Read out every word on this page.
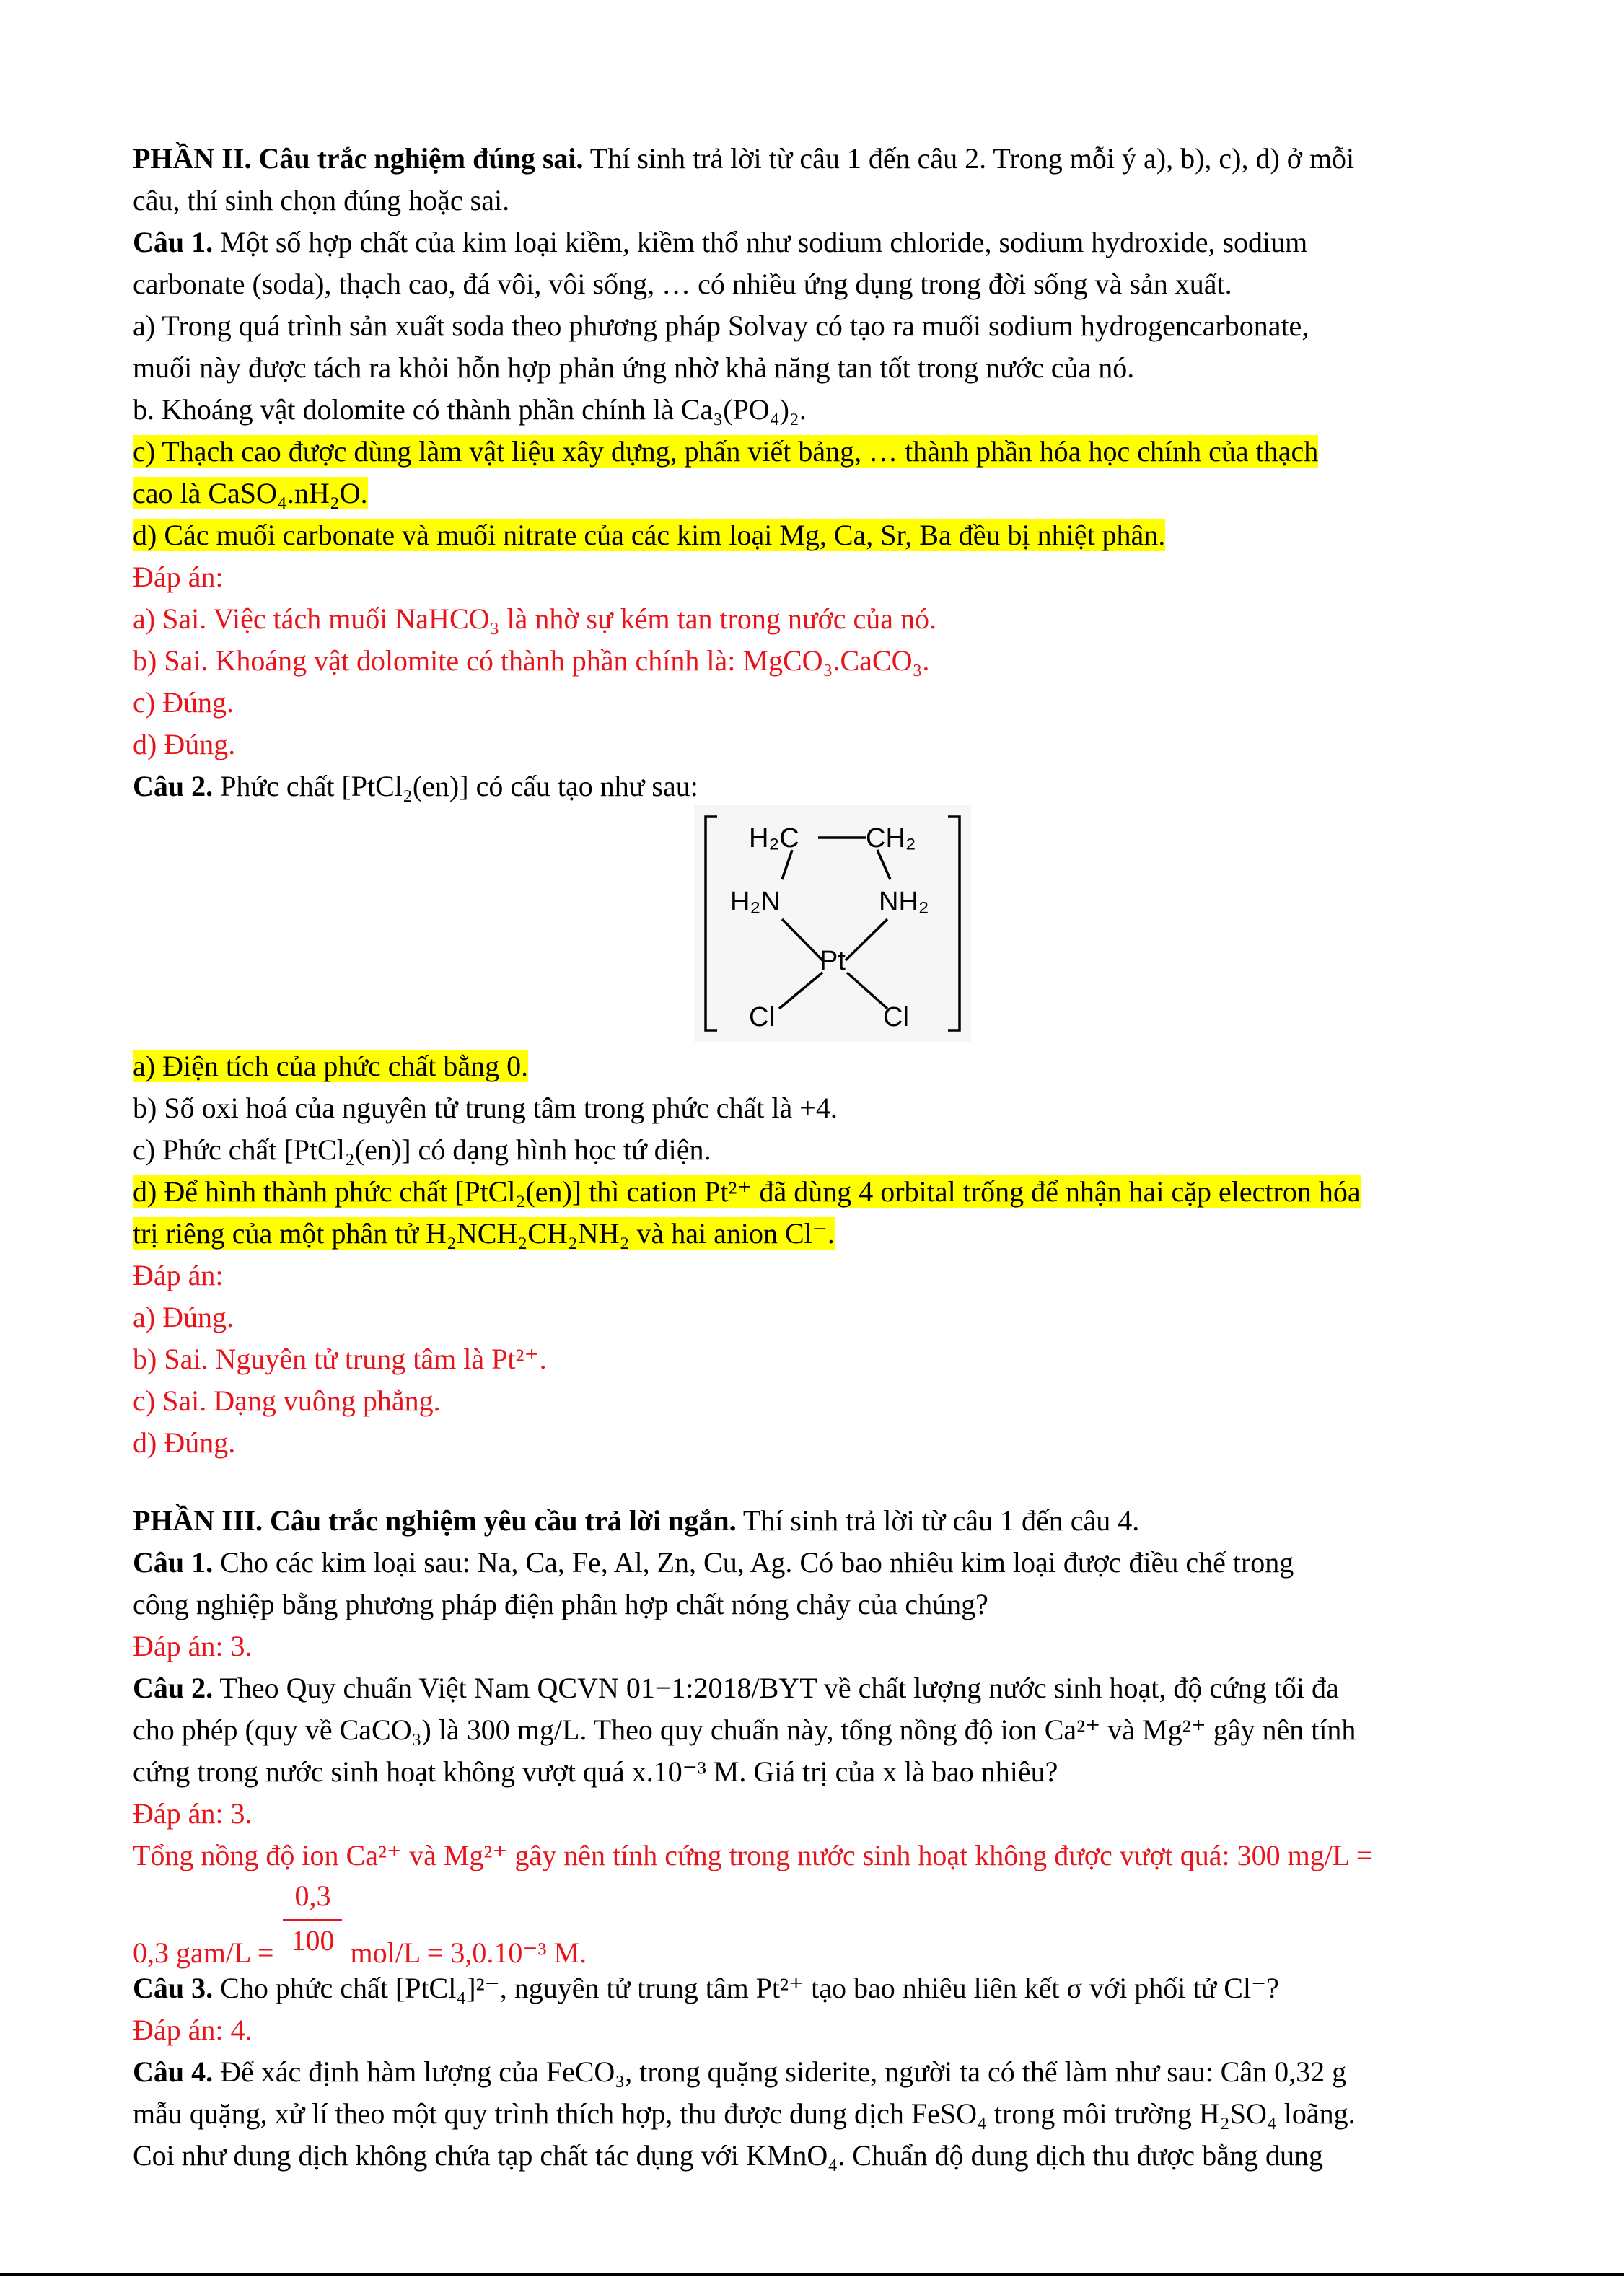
PHẦN II. Câu trắc nghiệm đúng sai. Thí sinh trả lời từ câu 1 đến câu 2. Trong mỗi ý a), b), c), d) ở mỗi
câu, thí sinh chọn đúng hoặc sai.
Câu 1. Một số hợp chất của kim loại kiềm, kiềm thổ như sodium chloride, sodium hydroxide, sodium
carbonate (soda), thạch cao, đá vôi, vôi sống, … có nhiều ứng dụng trong đời sống và sản xuất.
a) Trong quá trình sản xuất soda theo phương pháp Solvay có tạo ra muối sodium hydrogencarbonate,
muối này được tách ra khỏi hỗn hợp phản ứng nhờ khả năng tan tốt trong nước của nó.
b. Khoáng vật dolomite có thành phần chính là Ca₃(PO₄)₂.
c) Thạch cao được dùng làm vật liệu xây dựng, phấn viết bảng, … thành phần hóa học chính của thạch
cao là CaSO₄.nH₂O.
d) Các muối carbonate và muối nitrate của các kim loại Mg, Ca, Sr, Ba đều bị nhiệt phân.
Đáp án:
a) Sai. Việc tách muối NaHCO₃ là nhờ sự kém tan trong nước của nó.
b) Sai. Khoáng vật dolomite có thành phần chính là: MgCO₃.CaCO₃.
c) Đúng.
d) Đúng.
Câu 2. Phức chất [PtCl₂(en)] có cấu tạo như sau:
H₂C CH₂
H₂N	NH₂
Pt
Cl	Cl
a) Điện tích của phức chất bằng 0.
b) Số oxi hoá của nguyên tử trung tâm trong phức chất là +4.
c) Phức chất [PtCl₂(en)] có dạng hình học tứ diện.
d) Để hình thành phức chất [PtCl₂(en)] thì cation Pt²⁺ đã dùng 4 orbital trống để nhận hai cặp electron hóa
trị riêng của một phân tử H₂NCH₂CH₂NH₂ và hai anion Cl⁻.
Đáp án:
a) Đúng.
b) Sai. Nguyên tử trung tâm là Pt²⁺.
c) Sai. Dạng vuông phẳng.
d) Đúng.
PHẦN III. Câu trắc nghiệm yêu cầu trả lời ngắn. Thí sinh trả lời từ câu 1 đến câu 4.
Câu 1. Cho các kim loại sau: Na, Ca, Fe, Al, Zn, Cu, Ag. Có bao nhiêu kim loại được điều chế trong
công nghiệp bằng phương pháp điện phân hợp chất nóng chảy của chúng?
Đáp án: 3.
Câu 2. Theo Quy chuẩn Việt Nam QCVN 01−1:2018/BYT về chất lượng nước sinh hoạt, độ cứng tối đa
cho phép (quy về CaCO₃) là 300 mg/L. Theo quy chuẩn này, tổng nồng độ ion Ca²⁺ và Mg²⁺ gây nên tính
cứng trong nước sinh hoạt không vượt quá x.10⁻³ M. Giá trị của x là bao nhiêu?
Đáp án: 3.
Tổng nồng độ ion Ca²⁺ và Mg²⁺ gây nên tính cứng trong nước sinh hoạt không được vượt quá: 300 mg/L =
0,3 $gam/L = \frac{0,3}{100} mol/L = 3,0.10^{-3}$ M.
Câu 3. Cho phức chất [PtCl₄]²⁻, nguyên tử trung tâm Pt²⁺ tạo bao nhiêu liên kết σ với phối tử Cl⁻?
Đáp án: 4.
Câu 4. Để xác định hàm lượng của FeCO₃, trong quặng siderite, người ta có thể làm như sau: Cân 0,32 g
mẫu quặng, xử lí theo một quy trình thích hợp, thu được dung dịch FeSO₄ trong môi trường H₂SO₄ loãng.
Coi như dung dịch không chứa tạp chất tác dụng với KMnO₄. Chuẩn độ dung dịch thu được bằng dung
